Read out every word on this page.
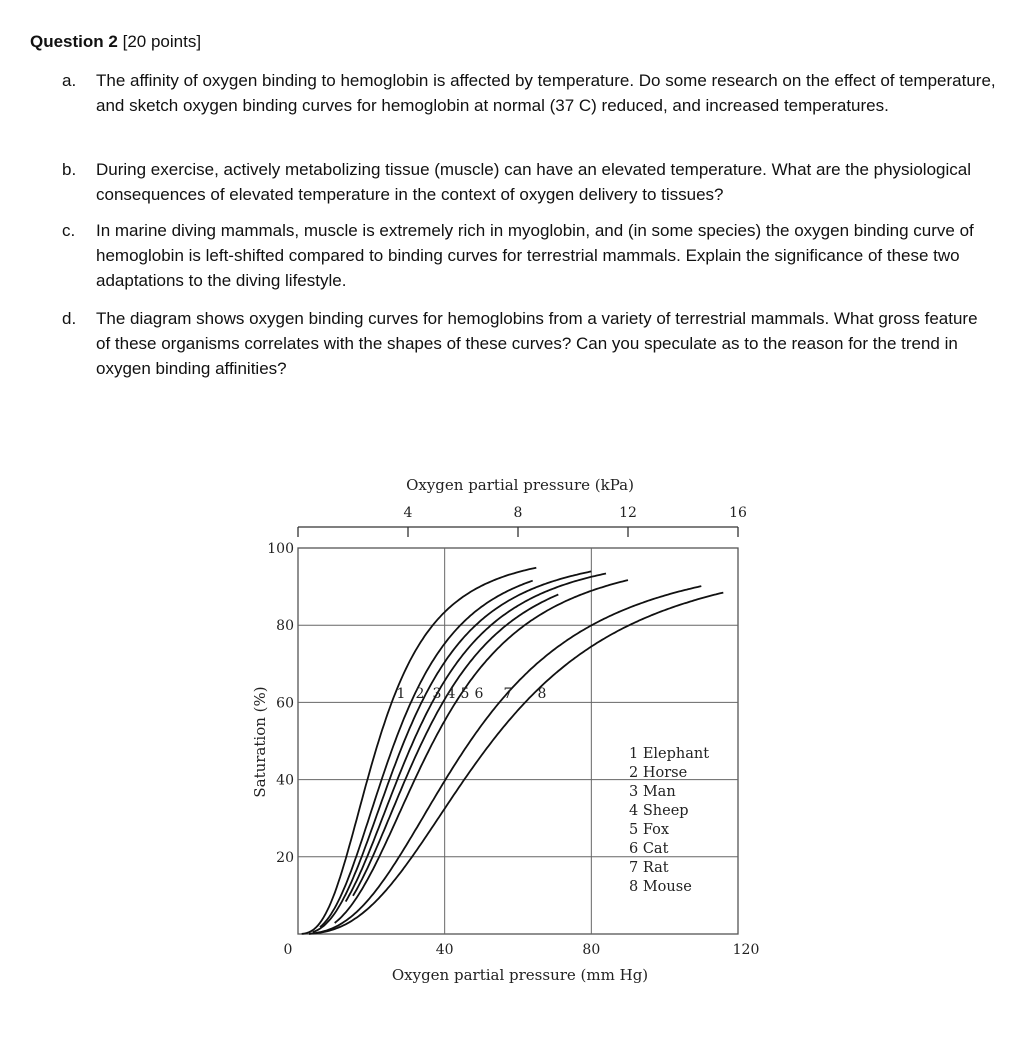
Question 2 [20 points]
a. The affinity of oxygen binding to hemoglobin is affected by temperature. Do some research on the effect of temperature, and sketch oxygen binding curves for hemoglobin at normal (37 C) reduced, and increased temperatures.
b. During exercise, actively metabolizing tissue (muscle) can have an elevated temperature. What are the physiological consequences of elevated temperature in the context of oxygen delivery to tissues?
c. In marine diving mammals, muscle is extremely rich in myoglobin, and (in some species) the oxygen binding curve of hemoglobin is left-shifted compared to binding curves for terrestrial mammals. Explain the significance of these two adaptations to the diving lifestyle.
d. The diagram shows oxygen binding curves for hemoglobins from a variety of terrestrial mammals. What gross feature of these organisms correlates with the shapes of these curves? Can you speculate as to the reason for the trend in oxygen binding affinities?
100
80
60
40
20
0	40	80	120
4	8	12	16
Oxygen partial pressure (kPa)
Oxygen partial pressure (mm Hg)
Saturation (%)	1 Elephant
2 Horse
3 Man
4 Sheep
5 Fox
6 Cat
7 Rat
8 Mouse
1 2 3 4 5 6 7 8
